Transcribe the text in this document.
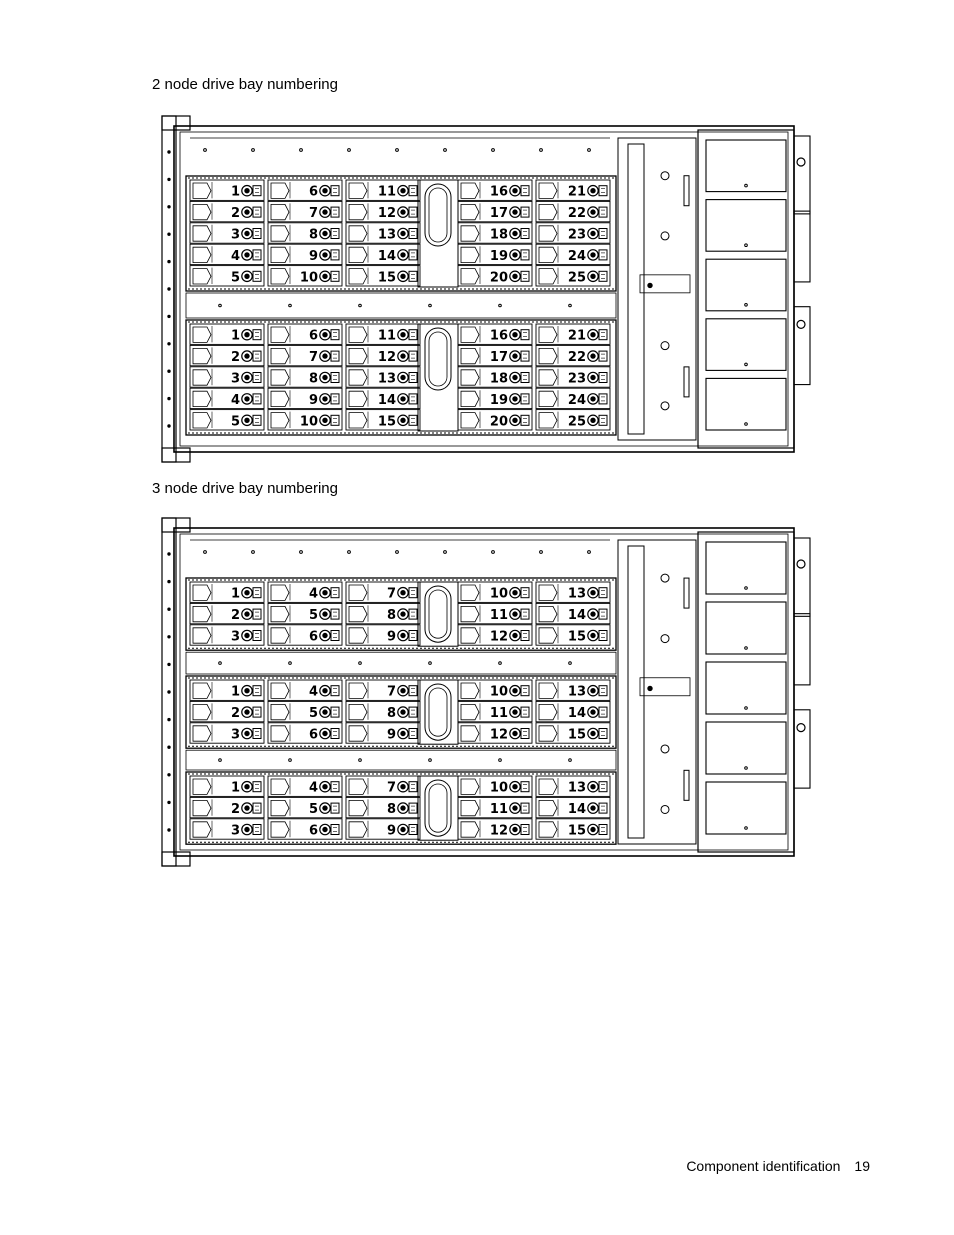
2 node drive bay numbering
1	6	11	16	21
2	7	12	17	22
3	8	13	18	23
4	9	14	19	24
5	10	15	20	25
1	6	11	16	21
2	7	12	17	22
3	8	13	18	23
4	9	14	19	24
5	10	15	20	25
3 node drive bay numbering
1	4	7	10	13
2	5	8	11	14
3	6	9	12	15
1	4	7	10	13
2	5	8	11	14
3	6	9	12	15
1	4	7	10	13
2	5	8	11	14
3	6	9	12	15
Component identification 19
